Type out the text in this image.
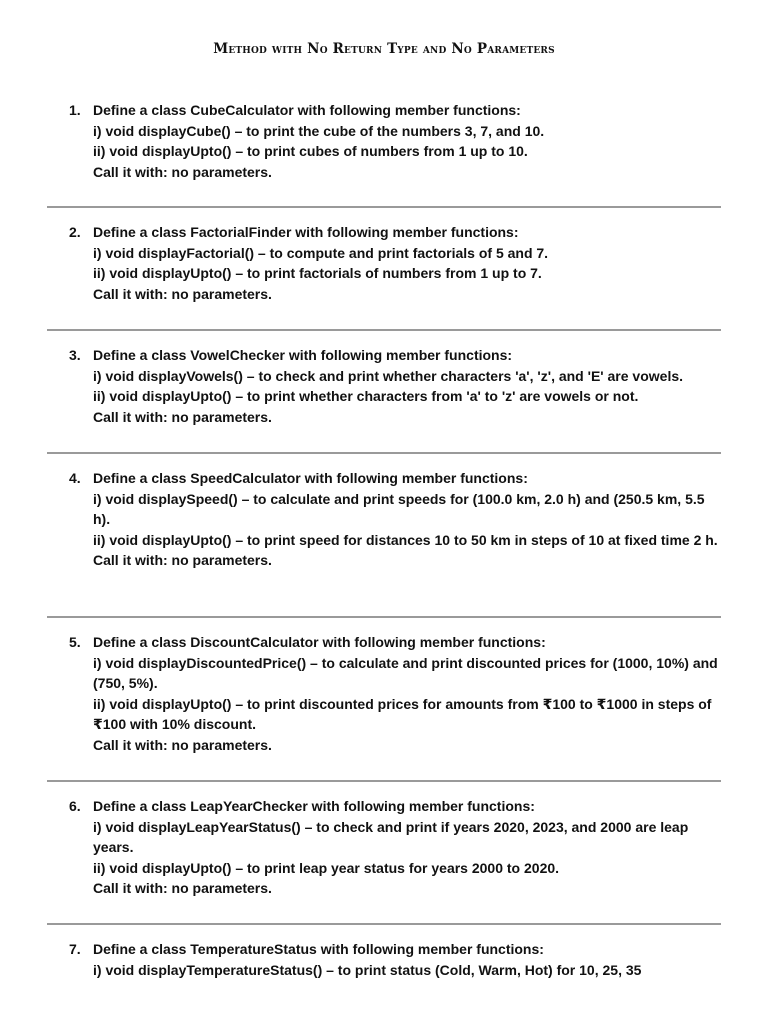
Method with No Return Type and No Parameters
1. Define a class CubeCalculator with following member functions:
i) void displayCube() – to print the cube of the numbers 3, 7, and 10.
ii) void displayUpto() – to print cubes of numbers from 1 up to 10.
Call it with: no parameters.
2. Define a class FactorialFinder with following member functions:
i) void displayFactorial() – to compute and print factorials of 5 and 7.
ii) void displayUpto() – to print factorials of numbers from 1 up to 7.
Call it with: no parameters.
3. Define a class VowelChecker with following member functions:
i) void displayVowels() – to check and print whether characters 'a', 'z', and 'E' are vowels.
ii) void displayUpto() – to print whether characters from 'a' to 'z' are vowels or not.
Call it with: no parameters.
4. Define a class SpeedCalculator with following member functions:
i) void displaySpeed() – to calculate and print speeds for (100.0 km, 2.0 h) and (250.5 km, 5.5 h).
ii) void displayUpto() – to print speed for distances 10 to 50 km in steps of 10 at fixed time 2 h.
Call it with: no parameters.
5. Define a class DiscountCalculator with following member functions:
i) void displayDiscountedPrice() – to calculate and print discounted prices for (1000, 10%) and (750, 5%).
ii) void displayUpto() – to print discounted prices for amounts from ₹100 to ₹1000 in steps of ₹100 with 10% discount.
Call it with: no parameters.
6. Define a class LeapYearChecker with following member functions:
i) void displayLeapYearStatus() – to check and print if years 2020, 2023, and 2000 are leap years.
ii) void displayUpto() – to print leap year status for years 2000 to 2020.
Call it with: no parameters.
7. Define a class TemperatureStatus with following member functions:
i) void displayTemperatureStatus() – to print status (Cold, Warm, Hot) for 10, 25, 35
